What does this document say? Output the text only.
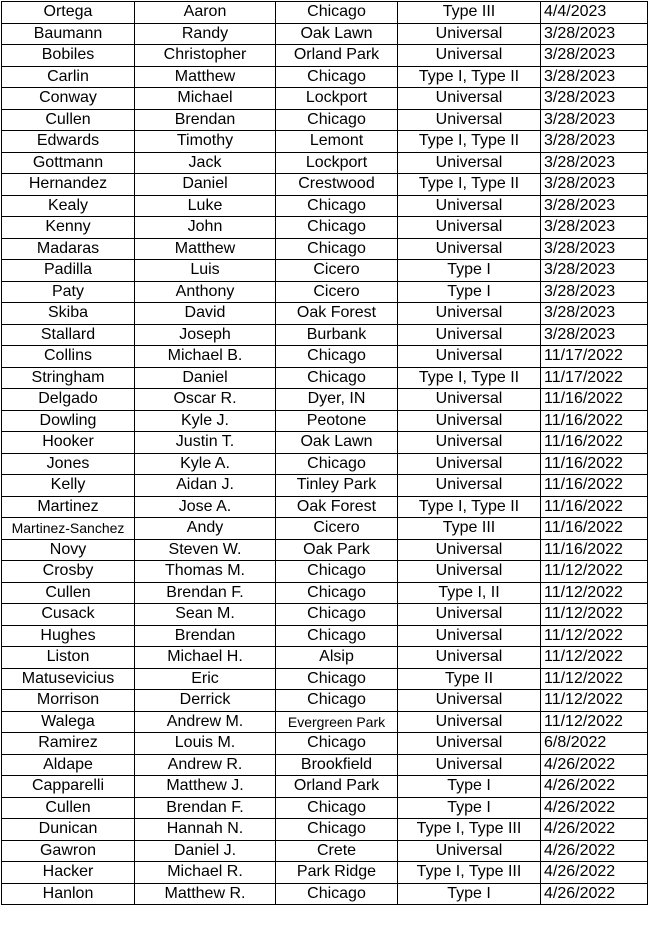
Ortega	Aaron	Chicago	Type III	4/4/2023
Baumann	Randy	Oak Lawn	Universal	3/28/2023
Bobiles	Christopher	Orland Park	Universal	3/28/2023
Carlin	Matthew	Chicago	Type I, Type II	3/28/2023
Conway	Michael	Lockport	Universal	3/28/2023
Cullen	Brendan	Chicago	Universal	3/28/2023
Edwards	Timothy	Lemont	Type I, Type II	3/28/2023
Gottmann	Jack	Lockport	Universal	3/28/2023
Hernandez	Daniel	Crestwood	Type I, Type II	3/28/2023
Kealy	Luke	Chicago	Universal	3/28/2023
Kenny	John	Chicago	Universal	3/28/2023
Madaras	Matthew	Chicago	Universal	3/28/2023
Padilla	Luis	Cicero	Type I	3/28/2023
Paty	Anthony	Cicero	Type I	3/28/2023
Skiba	David	Oak Forest	Universal	3/28/2023
Stallard	Joseph	Burbank	Universal	3/28/2023
Collins	Michael B.	Chicago	Universal	11/17/2022
Stringham	Daniel	Chicago	Type I, Type II	11/17/2022
Delgado	Oscar R.	Dyer, IN	Universal	11/16/2022
Dowling	Kyle J.	Peotone	Universal	11/16/2022
Hooker	Justin T.	Oak Lawn	Universal	11/16/2022
Jones	Kyle A.	Chicago	Universal	11/16/2022
Kelly	Aidan J.	Tinley Park	Universal	11/16/2022
Martinez	Jose A.	Oak Forest	Type I, Type II	11/16/2022
Martinez-Sanchez	Andy	Cicero	Type III	11/16/2022
Novy	Steven W.	Oak Park	Universal	11/16/2022
Crosby	Thomas M.	Chicago	Universal	11/12/2022
Cullen	Brendan F.	Chicago	Type I, II	11/12/2022
Cusack	Sean M.	Chicago	Universal	11/12/2022
Hughes	Brendan	Chicago	Universal	11/12/2022
Liston	Michael H.	Alsip	Universal	11/12/2022
Matusevicius	Eric	Chicago	Type II	11/12/2022
Morrison	Derrick	Chicago	Universal	11/12/2022
Walega	Andrew M.	Evergreen Park	Universal	11/12/2022
Ramirez	Louis M.	Chicago	Universal	6/8/2022
Aldape	Andrew R.	Brookfield	Universal	4/26/2022
Capparelli	Matthew J.	Orland Park	Type I	4/26/2022
Cullen	Brendan F.	Chicago	Type I	4/26/2022
Dunican	Hannah N.	Chicago	Type I, Type III	4/26/2022
Gawron	Daniel J.	Crete	Universal	4/26/2022
Hacker	Michael R.	Park Ridge	Type I, Type III	4/26/2022
Hanlon	Matthew R.	Chicago	Type I	4/26/2022
